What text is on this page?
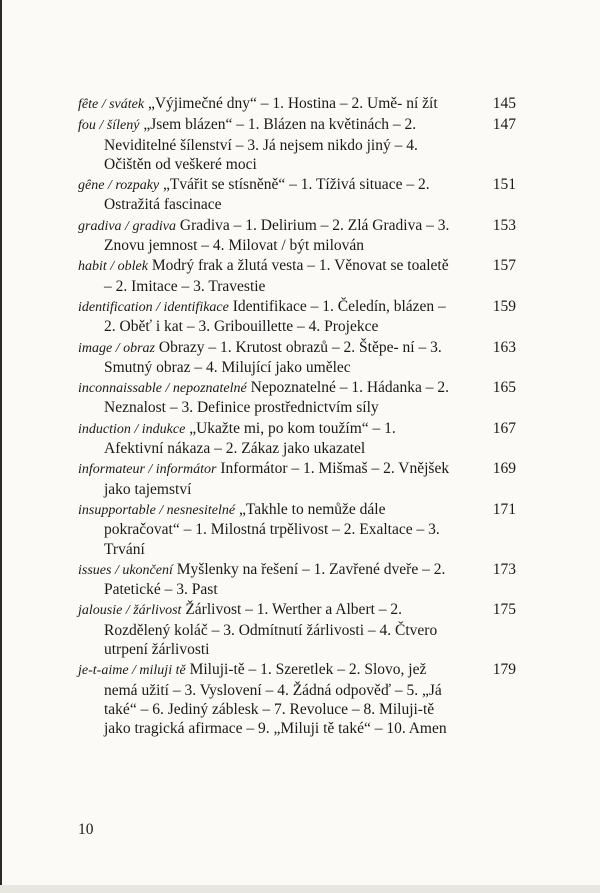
fête / svátek „Výjimečné dny“ – 1. Hostina – 2. Umě- ní žít	145
fou / šílený „Jsem blázen“ – 1. Blázen na květinách – 2. Neviditelné šílenství – 3. Já nejsem nikdo jiný – 4. Očištěn od veškeré moci
147
gêne / rozpaky „Tvářit se stísněně“ – 1. Tíživá situace – 2. Ostražitá fascinace
151
gradiva / gradiva Gradiva – 1. Delirium – 2. Zlá Gradiva – 3. Znovu jemnost – 4. Milovat / být milován
153
habit / oblek Modrý frak a žlutá vesta – 1. Věnovat se toaletě – 2. Imitace – 3. Travestie
157
identification / identifikace Identifikace – 1. Čeledín, blázen – 2. Oběť i kat – 3. Gribouillette – 4. Projekce
159
image / obraz Obrazy – 1. Krutost obrazů – 2. Štěpe- ní – 3. Smutný obraz – 4. Milující jako umělec
163
inconnaissable / nepoznatelné Nepoznatelné – 1. Hádanka – 2. Neznalost – 3. Definice prostřednictvím síly
165
induction / indukce „Ukažte mi, po kom toužím“ – 1. Afektivní nákaza – 2. Zákaz jako ukazatel
167
informateur / informátor Informátor – 1. Mišmaš – 2. Vnějšek jako tajemství
169
insupportable / nesnesitelné „Takhle to nemůže dále pokračovat“ – 1. Milostná trpělivost – 2. Exaltace – 3. Trvání
171
issues / ukončení Myšlenky na řešení – 1. Zavřené dveře – 2. Patetické – 3. Past
173
jalousie / žárlivost Žárlivost – 1. Werther a Albert – 2. Rozdělený koláč – 3. Odmítnutí žárlivosti – 4. Čtvero utrpení žárlivosti
175
je-t-aime / miluji tě Miluji-tě – 1. Szeretlek – 2. Slovo, jež nemá užití – 3. Vyslovení – 4. Žádná odpověď – 5. „Já také“ – 6. Jediný záblesk – 7. Revoluce – 8. Miluji-tě jako tragická afirmace – 9. „Miluji tě také“ – 10. Amen
179
10
